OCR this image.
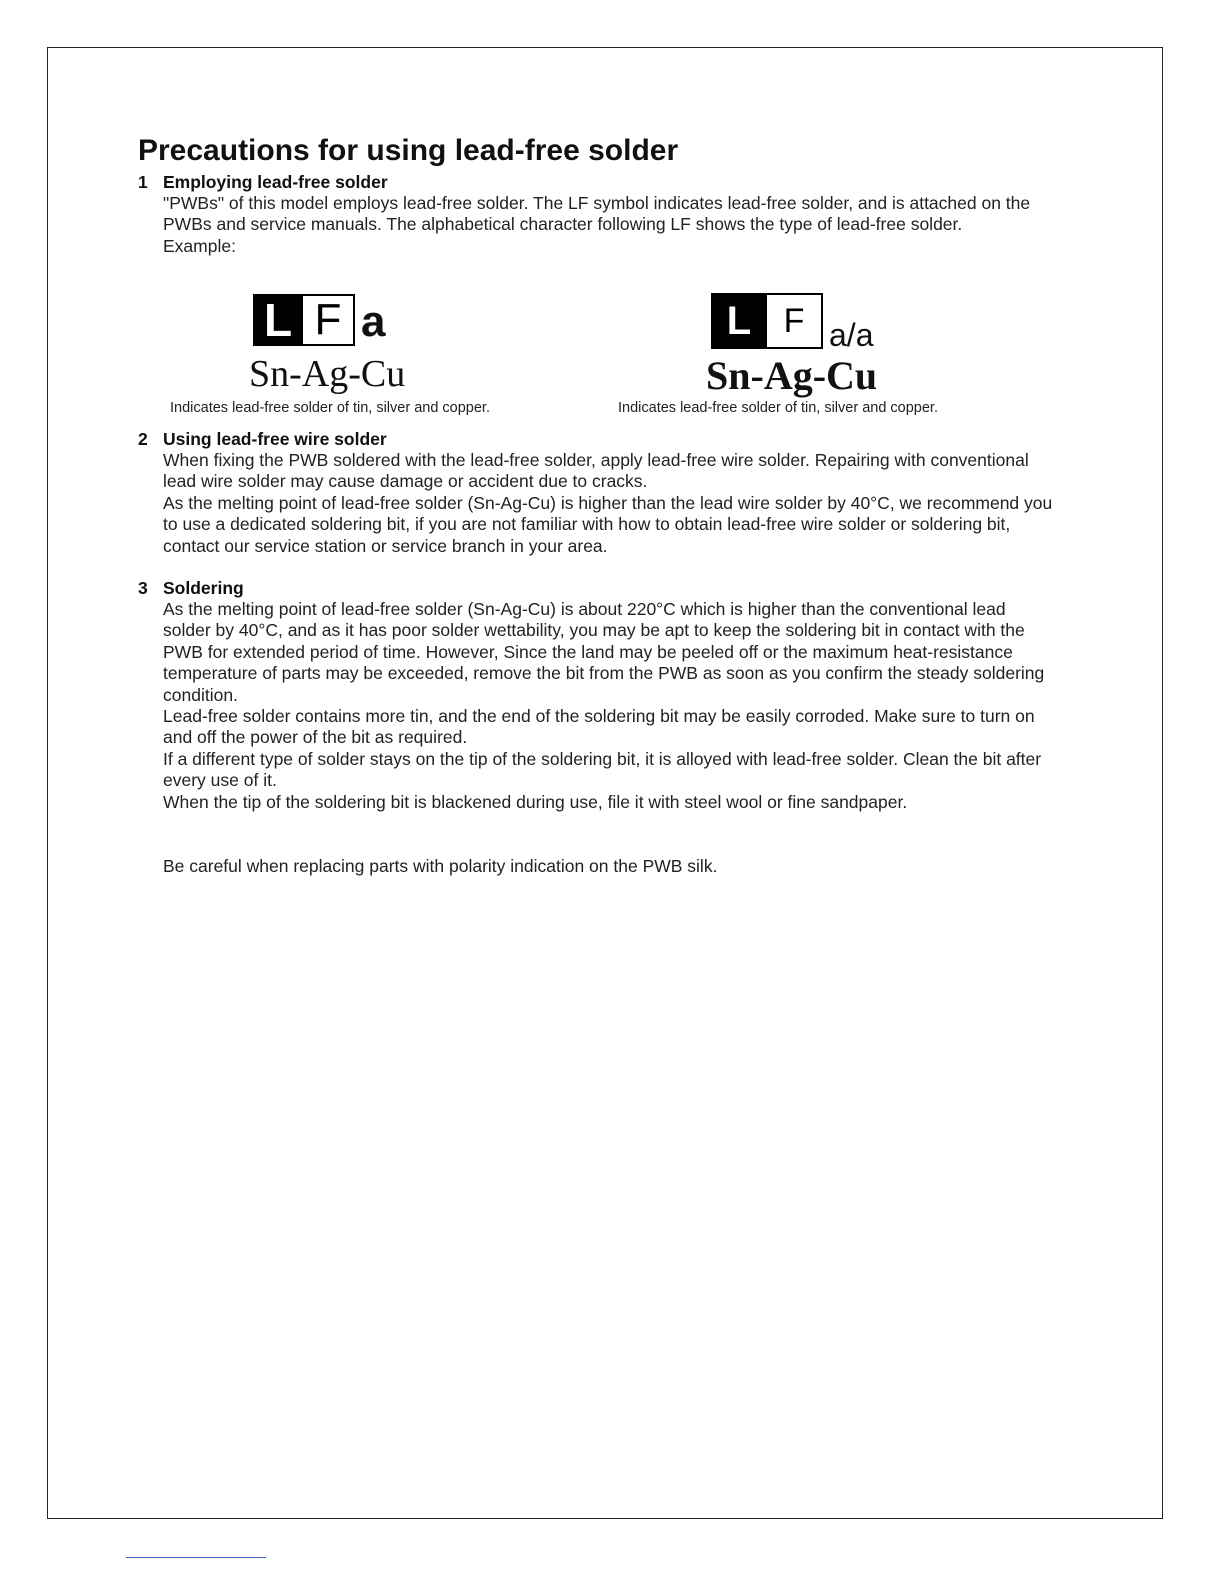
Precautions for using lead-free solder
1 Employing lead-free solder

"PWBs" of this model employs lead-free solder. The LF symbol indicates lead-free solder, and is attached on the PWBs and service manuals. The alphabetical character following LF shows the type of lead-free solder.

Example:

L F a
Sn-Ag-Cu
Indicates lead-free solder of tin, silver and copper.
L F a/a
Sn-Ag-Cu
Indicates lead-free solder of tin, silver and copper.
2 Using lead-free wire solder

When fixing the PWB soldered with the lead-free solder, apply lead-free wire solder. Repairing with conventional lead wire solder may cause damage or accident due to cracks.

As the melting point of lead-free solder (Sn-Ag-Cu) is higher than the lead wire solder by 40°C, we recommend you to use a dedicated soldering bit, if you are not familiar with how to obtain lead-free wire solder or soldering bit, contact our service station or service branch in your area.

3 Soldering

As the melting point of lead-free solder (Sn-Ag-Cu) is about 220°C which is higher than the conventional lead solder by 40°C, and as it has poor solder wettability, you may be apt to keep the soldering bit in contact with the PWB for extended period of time. However, Since the land may be peeled off or the maximum heat-resistance temperature of parts may be exceeded, remove the bit from the PWB as soon as you confirm the steady soldering condition.

Lead-free solder contains more tin, and the end of the soldering bit may be easily corroded. Make sure to turn on and off the power of the bit as required.

If a different type of solder stays on the tip of the soldering bit, it is alloyed with lead-free solder. Clean the bit after every use of it.

When the tip of the soldering bit is blackened during use, file it with steel wool or fine sandpaper.

Be careful when replacing parts with polarity indication on the PWB silk.
